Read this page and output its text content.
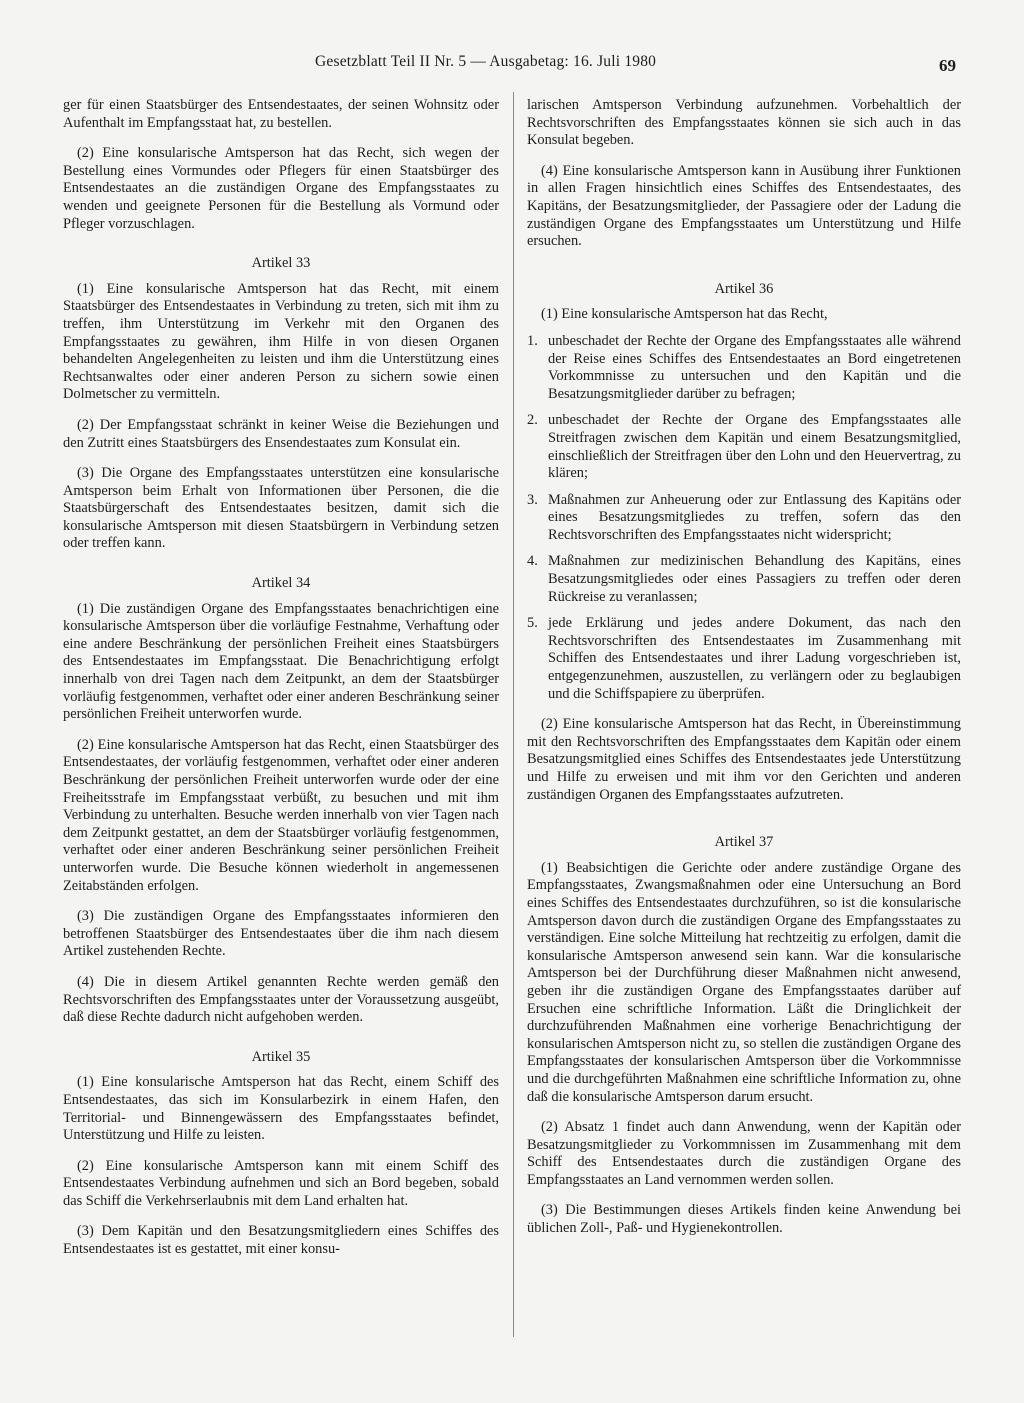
Gesetzblatt Teil II Nr. 5 — Ausgabetag: 16. Juli 1980	69

ger für einen Staatsbürger des Entsendestaates, der seinen Wohnsitz oder Aufenthalt im Empfangsstaat hat, zu bestellen.

(2) Eine konsularische Amtsperson hat das Recht, sich wegen der Bestellung eines Vormundes oder Pflegers für einen Staatsbürger des Entsendestaates an die zuständigen Organe des Empfangsstaates zu wenden und geeignete Personen für die Bestellung als Vormund oder Pfleger vorzuschlagen.

Artikel 33

(1) Eine konsularische Amtsperson hat das Recht, mit einem Staatsbürger des Entsendestaates in Verbindung zu treten, sich mit ihm zu treffen, ihm Unterstützung im Verkehr mit den Organen des Empfangsstaates zu gewähren, ihm Hilfe in von diesen Organen behandelten Angelegenheiten zu leisten und ihm die Unterstützung eines Rechtsanwaltes oder einer anderen Person zu sichern sowie einen Dolmetscher zu vermitteln.

(2) Der Empfangsstaat schränkt in keiner Weise die Beziehungen und den Zutritt eines Staatsbürgers des Ensendestaates zum Konsulat ein.

(3) Die Organe des Empfangsstaates unterstützen eine konsularische Amtsperson beim Erhalt von Informationen über Personen, die die Staatsbürgerschaft des Entsendestaates besitzen, damit sich die konsularische Amtsperson mit diesen Staatsbürgern in Verbindung setzen oder treffen kann.

Artikel 34

(1) Die zuständigen Organe des Empfangsstaates benachrichtigen eine konsularische Amtsperson über die vorläufige Festnahme, Verhaftung oder eine andere Beschränkung der persönlichen Freiheit eines Staatsbürgers des Entsendestaates im Empfangsstaat. Die Benachrichtigung erfolgt innerhalb von drei Tagen nach dem Zeitpunkt, an dem der Staatsbürger vorläufig festgenommen, verhaftet oder einer anderen Beschränkung seiner persönlichen Freiheit unterworfen wurde.

(2) Eine konsularische Amtsperson hat das Recht, einen Staatsbürger des Entsendestaates, der vorläufig festgenommen, verhaftet oder einer anderen Beschränkung der persönlichen Freiheit unterworfen wurde oder der eine Freiheitsstrafe im Empfangsstaat verbüßt, zu besuchen und mit ihm Verbindung zu unterhalten. Besuche werden innerhalb von vier Tagen nach dem Zeitpunkt gestattet, an dem der Staatsbürger vorläufig festgenommen, verhaftet oder einer anderen Beschränkung seiner persönlichen Freiheit unterworfen wurde. Die Besuche können wiederholt in angemessenen Zeitabständen erfolgen.

(3) Die zuständigen Organe des Empfangsstaates informieren den betroffenen Staatsbürger des Entsendestaates über die ihm nach diesem Artikel zustehenden Rechte.

(4) Die in diesem Artikel genannten Rechte werden gemäß den Rechtsvorschriften des Empfangsstaates unter der Voraussetzung ausgeübt, daß diese Rechte dadurch nicht aufgehoben werden.

Artikel 35

(1) Eine konsularische Amtsperson hat das Recht, einem Schiff des Entsendestaates, das sich im Konsularbezirk in einem Hafen, den Territorial- und Binnengewässern des Empfangsstaates befindet, Unterstützung und Hilfe zu leisten.

(2) Eine konsularische Amtsperson kann mit einem Schiff des Entsendestaates Verbindung aufnehmen und sich an Bord begeben, sobald das Schiff die Verkehrserlaubnis mit dem Land erhalten hat.

(3) Dem Kapitän und den Besatzungsmitgliedern eines Schiffes des Entsendestaates ist es gestattet, mit einer konsu-

larischen Amtsperson Verbindung aufzunehmen. Vorbehaltlich der Rechtsvorschriften des Empfangsstaates können sie sich auch in das Konsulat begeben.

(4) Eine konsularische Amtsperson kann in Ausübung ihrer Funktionen in allen Fragen hinsichtlich eines Schiffes des Entsendestaates, des Kapitäns, der Besatzungsmitglieder, der Passagiere oder der Ladung die zuständigen Organe des Empfangsstaates um Unterstützung und Hilfe ersuchen.

Artikel 36

(1) Eine konsularische Amtsperson hat das Recht,

1. unbeschadet der Rechte der Organe des Empfangsstaates alle während der Reise eines Schiffes des Entsendestaates an Bord eingetretenen Vorkommnisse zu untersuchen und den Kapitän und die Besatzungsmitglieder darüber zu befragen;
2. unbeschadet der Rechte der Organe des Empfangsstaates alle Streitfragen zwischen dem Kapitän und einem Besatzungsmitglied, einschließlich der Streitfragen über den Lohn und den Heuervertrag, zu klären;
3. Maßnahmen zur Anheuerung oder zur Entlassung des Kapitäns oder eines Besatzungsmitgliedes zu treffen, sofern das den Rechtsvorschriften des Empfangsstaates nicht widerspricht;
4. Maßnahmen zur medizinischen Behandlung des Kapitäns, eines Besatzungsmitgliedes oder eines Passagiers zu treffen oder deren Rückreise zu veranlassen;
5. jede Erklärung und jedes andere Dokument, das nach den Rechtsvorschriften des Entsendestaates im Zusammenhang mit Schiffen des Entsendestaates und ihrer Ladung vorgeschrieben ist, entgegenzunehmen, auszustellen, zu verlängern oder zu beglaubigen und die Schiffspapiere zu überprüfen.

(2) Eine konsularische Amtsperson hat das Recht, in Übereinstimmung mit den Rechtsvorschriften des Empfangsstaates dem Kapitän oder einem Besatzungsmitglied eines Schiffes des Entsendestaates jede Unterstützung und Hilfe zu erweisen und mit ihm vor den Gerichten und anderen zuständigen Organen des Empfangsstaates aufzutreten.

Artikel 37

(1) Beabsichtigen die Gerichte oder andere zuständige Organe des Empfangsstaates, Zwangsmaßnahmen oder eine Untersuchung an Bord eines Schiffes des Entsendestaates durchzuführen, so ist die konsularische Amtsperson davon durch die zuständigen Organe des Empfangsstaates zu verständigen. Eine solche Mitteilung hat rechtzeitig zu erfolgen, damit die konsularische Amtsperson anwesend sein kann. War die konsularische Amtsperson bei der Durchführung dieser Maßnahmen nicht anwesend, geben ihr die zuständigen Organe des Empfangsstaates darüber auf Ersuchen eine schriftliche Information. Läßt die Dringlichkeit der durchzuführenden Maßnahmen eine vorherige Benachrichtigung der konsularischen Amtsperson nicht zu, so stellen die zuständigen Organe des Empfangsstaates der konsularischen Amtsperson über die Vorkommnisse und die durchgeführten Maßnahmen eine schriftliche Information zu, ohne daß die konsularische Amtsperson darum ersucht.

(2) Absatz 1 findet auch dann Anwendung, wenn der Kapitän oder Besatzungsmitglieder zu Vorkommnissen im Zusammenhang mit dem Schiff des Entsendestaates durch die zuständigen Organe des Empfangsstaates an Land vernommen werden sollen.

(3) Die Bestimmungen dieses Artikels finden keine Anwendung bei üblichen Zoll-, Paß- und Hygienekontrollen.
